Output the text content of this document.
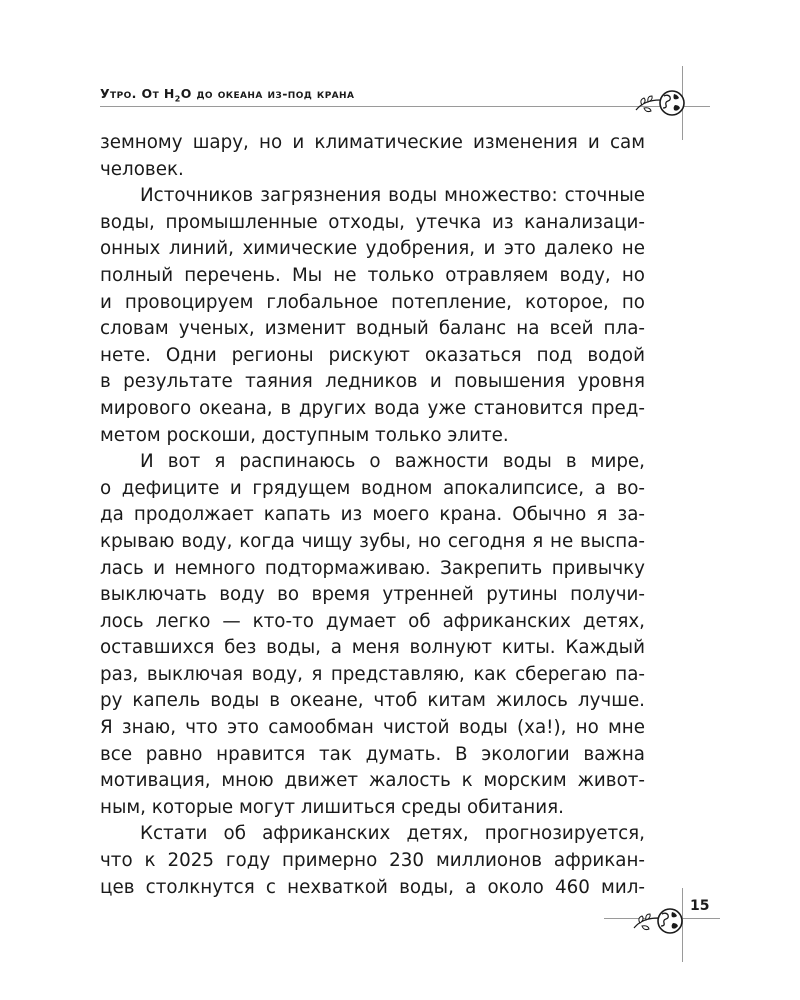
Утро. От $H_2O$ до океана из-под крана
земному шару, но и климатические изменения и сам
человек.
Источников загрязнения воды множество: сточные
воды, промышленные отходы, утечка из канализаци-
онных линий, химические удобрения, и это далеко не
полный перечень. Мы не только отравляем воду, но
и провоцируем глобальное потепление, которое, по
словам ученых, изменит водный баланс на всей пла-
нете. Одни регионы рискуют оказаться под водой
в результате таяния ледников и повышения уровня
мирового океана, в других вода уже становится пред-
метом роскоши, доступным только элите.
И вот я распинаюсь о важности воды в мире,
о дефиците и грядущем водном апокалипсисе, а во-
да продолжает капать из моего крана. Обычно я за-
крываю воду, когда чищу зубы, но сегодня я не выспа-
лась и немного подтормаживаю. Закрепить привычку
выключать воду во время утренней рутины получи-
лось легко — кто-то думает об африканских детях,
оставшихся без воды, а меня волнуют киты. Каждый
раз, выключая воду, я представляю, как сберегаю па-
ру капель воды в океане, чтоб китам жилось лучше.
Я знаю, что это самообман чистой воды (ха!), но мне
все равно нравится так думать. В экологии важна
мотивация, мною движет жалость к морским живот-
ным, которые могут лишиться среды обитания.
Кстати об африканских детях, прогнозируется,
что к 2025 году примерно 230 миллионов африкан-
цев столкнутся с нехваткой воды, а около 460 мил-
15
